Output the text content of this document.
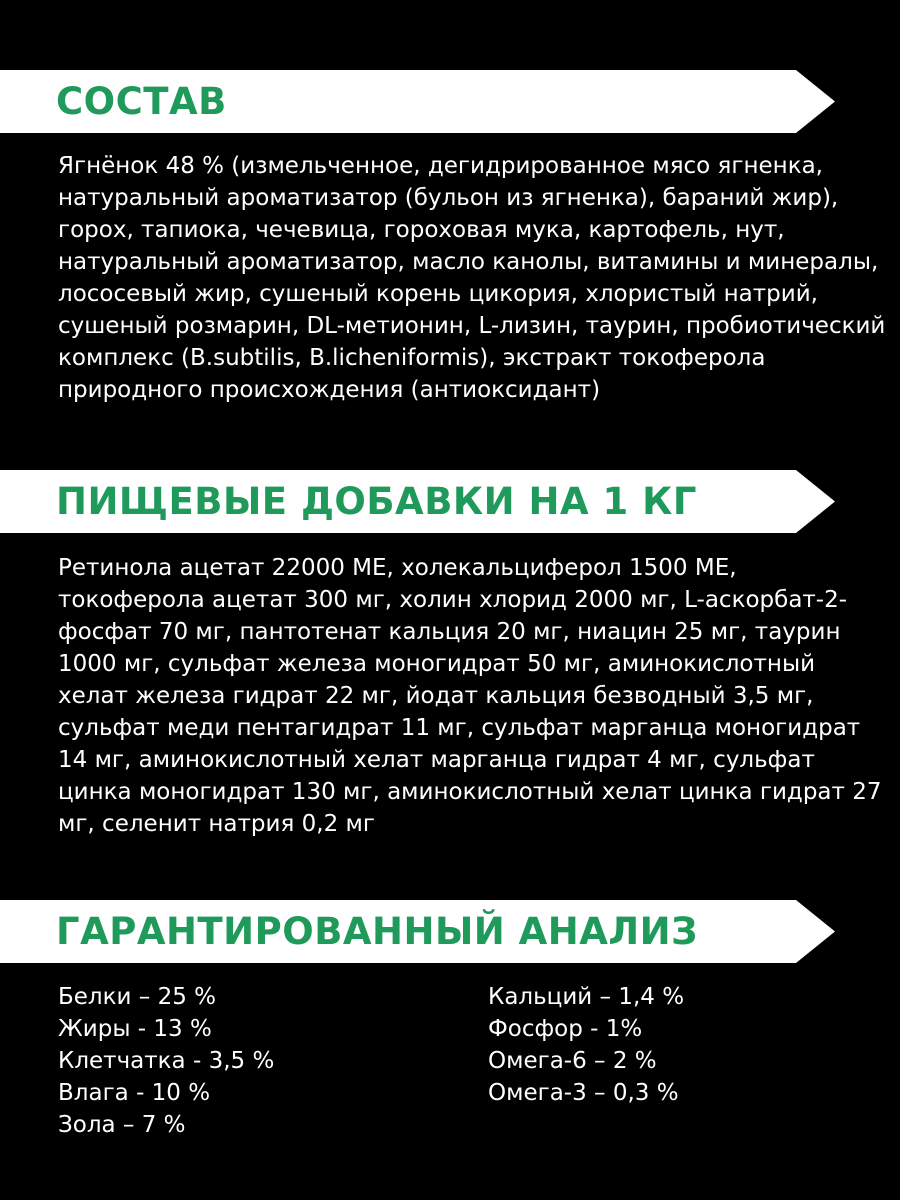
СОСТАВ

Ягнёнок 48 % (измельченное, дегидрированное мясо ягненка, натуральный ароматизатор (бульон из ягненка), бараний жир), горох, тапиока, чечевица, гороховая мука, картофель, нут, натуральный ароматизатор, масло канолы, витамины и минералы, лососевый жир, сушеный корень цикория, хлористый натрий, сушеный розмарин, DL-метионин, L-лизин, таурин, пробиотический комплекс (B.subtilis, B.licheniformis), экстракт токоферола природного происхождения (антиоксидант)

ПИЩЕВЫЕ ДОБАВКИ НА 1 КГ

Ретинола ацетат 22000 МЕ, холекальциферол 1500 МЕ, токоферола ацетат 300 мг, холин хлорид 2000 мг, L-аскорбат-2-фосфат 70 мг, пантотенат кальция 20 мг, ниацин 25 мг, таурин 1000 мг, сульфат железа моногидрат 50 мг, аминокислотный хелат железа гидрат 22 мг, йодат кальция безводный 3,5 мг, сульфат меди пентагидрат 11 мг, сульфат марганца моногидрат 14 мг, аминокислотный хелат марганца гидрат 4 мг, сульфат цинка моногидрат 130 мг, аминокислотный хелат цинка гидрат 27 мг, селенит натрия 0,2 мг

ГАРАНТИРОВАННЫЙ АНАЛИЗ
Белки – 25 %
Жиры - 13 %
Клетчатка - 3,5 %
Влага - 10 %
Зола – 7 %
Кальций – 1,4 %
Фосфор - 1%
Омега-6 – 2 %
Омега-3 – 0,3 %
